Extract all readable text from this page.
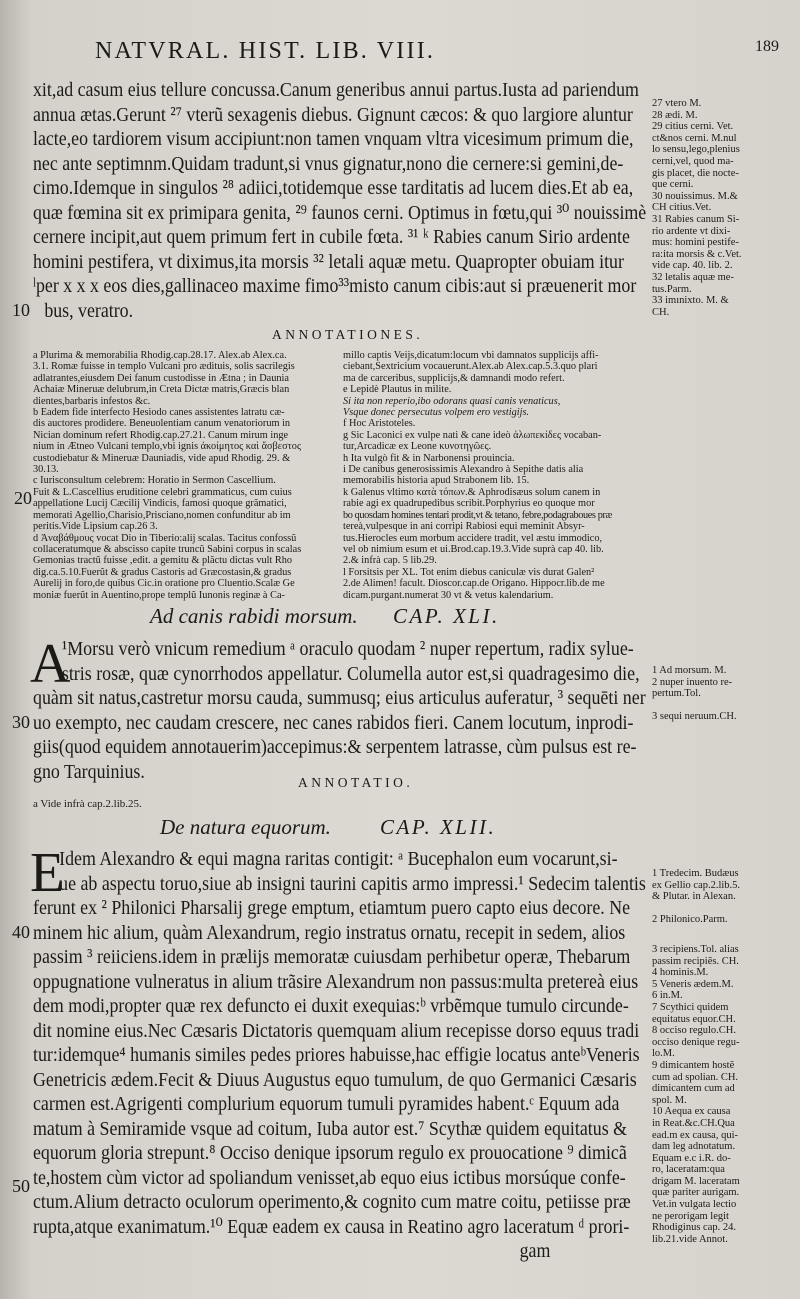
NATVRAL. HIST. LIB. VIII.	189
xit,ad casum eius tellure concussa.Canum generibus annui partus.Iusta ad pariendum
annua ætas.Gerunt ²⁷ vterũ sexagenis diebus. Gignunt cæcos: & quo largiore aluntur
lacte,eo tardiorem visum accipiunt:non tamen vnquam vltra vicesimum primum die,
nec ante septimnm.Quidam tradunt,si vnus gignatur,nono die cernere:si gemini,de-
cimo.Idemque in singulos ²⁸ adiici,totidemque esse tarditatis ad lucem dies.Et ab ea,
quæ fœmina sit ex primipara genita, ²⁹ faunos cerni. Optimus in fœtu,qui ³⁰ nouissimè
cernere incipit,aut quem primum fert in cubile fœta. ³¹ ᵏ Rabies canum Sirio ardente
homini pestifera, vt diximus,ita morsis ³² letali aquæ metu. Quapropter obuiam itur
ˡper x x x eos dies,gallinaceo maxime fimo³³misto canum cibis:aut si præuenerit mor
bus, veratro.
27 vtero M.
28 ædi. M.
29 citius cerni. Vet.
ct&nos cerni. M.nul
lo sensu,lego,plenius
cerni,vel, quod ma-
gis placet, die nocte-
que cerni.
30 nouissimus. M.&
CH citius.Vet.
31 Rabies canum Si-
rio ardente vt dixi-
mus: homini pestife-
ra:ita morsis & c.Vet.
vide cap. 40. lib. 2.
32 letalis aquæ me-
tus.Parm.
33 imınixto. M. &
CH.
10
ANNOTATIONES.
a Plurima & memorabilia Rhodig.cap.28.17. Alex.ab Alex.ca.
3.1. Romæ fuisse in templo Vulcani pro ædituis, solis sacrilegis
adlatrantes,eiusdem Dei fanum custodisse in Ætna ; in Daunia
Achaiæ Mineruæ delubrum,in Creta Dictæ matris,Græcis blan
dientes,barbaris infestos &c.
b Eadem fide interfecto Hesiodo canes assistentes latratu cæ-
dis auctores prodidere. Beneuolentiam canum venatoriorum in
Nician dominum refert Rhodig.cap.27.21. Canum mirum inge
nium in Ætneo Vulcani templo,vbi ignis ἀκοίμητος καὶ ἄσβεστος
custodiebatur & Mineruæ Dauniadis, vide apud Rhodig. 29. &
30.13.
c Iurisconsultum celebrem: Horatio in Sermon Cascellium.
Fuit & L.Cascellius eruditione celebri grammaticus, cum cuius
appellatione Lucij Cæcilij Vindicis, famosi quoque grãmatici,
memorati Agellio,Charisio,Prisciano,nomen confunditur ab im
peritis.Vide Lipsium cap.26 3.
d Ἀναβάθμους vocat Dio in Tiberio:alij scalas. Tacitus confossũ
collaceratumque & abscisso capite truncũ Sabini corpus in scalas
Gemonias tractũ fuisse ,edit. a gemitu & plãctu dictas vult Rho
dig.ca.5.10.Fuerũt & gradus Castoris ad Græcostasin,& gradus
Aurelij in foro,de quibus Cic.in oratione pro Cluentio.Scalæ Ge
moniæ fuerũt in Auentino,prope templũ Iunonis reginæ à Ca-
millo captis Veijs,dicatum:locum vbi damnatos supplicijs affi-
ciebant,Sextricium vocauerunt.Alex.ab Alex.cap.5.3.quo plari
ma de carceribus, supplicijs,& damnandi modo refert.
e Lepidè Plautus in milite.
Si ita non reperio,ibo odorans quasi canis venaticus,
Vsque donec persecutus volpem ero vestigijs.
f Hoc Aristoteles.
g Sic Laconici ex vulpe nati & cane ideò ἀλωπεκίδες vocaban-
tur,Arcadicæ ex Leone κυνοτηγῶες.
h Ita vulgò fit & in Narbonensi prouincia.
i De canibus generosissimis Alexandro à Sepithe datis alia
memorabilis historia apud Strabonem lib. 15.
k Galenus vltimo κατὰ τόπων.& Aphrodisæus solum canem in
rabie agi ex quadrupedibus scribit.Porphyrius eo quoque mor
bo quosdam homines tentari prodit,vt & tetano, febre,podagraboues præ
tereà,vulpesque in ani corripi Rabiosi equi meminit Absyr-
tus.Hierocles eum morbum accidere tradit, vel æstu immodico,
vel ob nimium esum et ui.Brod.cap.19.3.Vide suprà cap 40. lib.
2.& infrà cap. 5 lib.29.
l Forsitsis per XL. Tot enim diebus caniculæ vis durat Galen²
2.de Alimen! facult. Dioscor.cap.de Origano. Hippocr.lib.de me
dicam.purgant.numerat 30 vt & vetus kalendarium.
20
Ad canis rabidi morsum. CAP. XLI.
A
¹Morsu verò vnicum remedium ᵃ oraculo quodam ² nuper repertum, radix sylue-
stris rosæ, quæ cynorrhodos appellatur. Columella autor est,si quadragesimo die,
quàm sit natus,castretur morsu cauda, summusq; eius articulus auferatur, ³ sequēti ner
uo exempto, nec caudam crescere, nec canes rabidos fieri. Canem locutum, inprodi-
giis(quod equidem annotauerim)accepimus:& serpentem latrasse, cùm pulsus est re-
gno Tarquinius.
1 Ad morsum. M.
2 nuper inuento re-
pertum.Tol.
3 sequi neruum.CH.
30
ANNOTATIO.
a Vide infrà cap.2.lib.25.
De natura equorum. CAP. XLII.
E
Idem Alexandro & equi magna raritas contigit: ᵃ Bucephalon eum vocarunt,si-
ue ab aspectu toruo,siue ab insigni taurini capitis armo impressi.¹ Sedecim talentis
ferunt ex ² Philonici Pharsalij grege emptum, etiamtum puero capto eius decore. Ne
minem hic alium, quàm Alexandrum, regio instratus ornatu, recepit in sedem, alios
passim ³ reiiciens.idem in prælijs memoratæ cuiusdam perhibetur operæ, Thebarum
oppugnatione vulneratus in alium trãsire Alexandrum non passus:multa pretereà eius
dem modi,propter quæ rex defuncto ei duxit exequias:ᵇ vrbẽmque tumulo circunde-
dit nomine eius.Nec Cæsaris Dictatoris quemquam alium recepisse dorso equus tradi
tur:idemque⁴ humanis similes pedes priores habuisse,hac effigie locatus anteᵇVeneris
Genetricis ædem.Fecit & Diuus Augustus equo tumulum, de quo Germanici Cæsaris
carmen est.Agrigenti complurium equorum tumuli pyramides habent.ᶜ Equum ada
matum à Semiramide vsque ad coitum, Iuba autor est.⁷ Scythæ quidem equitatus &
equorum gloria strepunt.⁸ Occiso denique ipsorum regulo ex prouocatione ⁹ dimicã
te,hostem cùm victor ad spoliandum venisset,ab equo eius ictibus morsúque confe-
ctum.Alium detracto oculorum operimento,& cognito cum matre coitu, petiisse præ
rupta,atque exanimatum.¹⁰ Equæ eadem ex causa in Reatino agro laceratum ᵈ prori-
gam
1 Tredecim. Budæus
ex Gellio cap.2.lib.5.
& Plutar. in Alexan.
2 Philonico.Parm.
3 recipiens.Tol. alias
passim recipiẽs. CH.
4 hominis.M.
5 Veneris ædem.M.
6 in.M.
7 Scythici quidem
equitatus equor.CH.
8 occiso regulo.CH.
occiso denique regu-
lo.M.
9 dimicantem hostẽ
cum ad spolian. CH.
dimicantem cum ad
spol. M.
10 Aequa ex causa
in Reat.&c.CH.Qua
ead.m ex causa, qui-
dam leg adnotatum.
Equam e.c i.R. do-
ro, laceratam:qua
drigam M. laceratam
quæ pariter aurigam.
Vet.in vulgata lectio
ne perorigam legit
Rhodiginus cap. 24.
lib.21.vide Annot.
40
50
